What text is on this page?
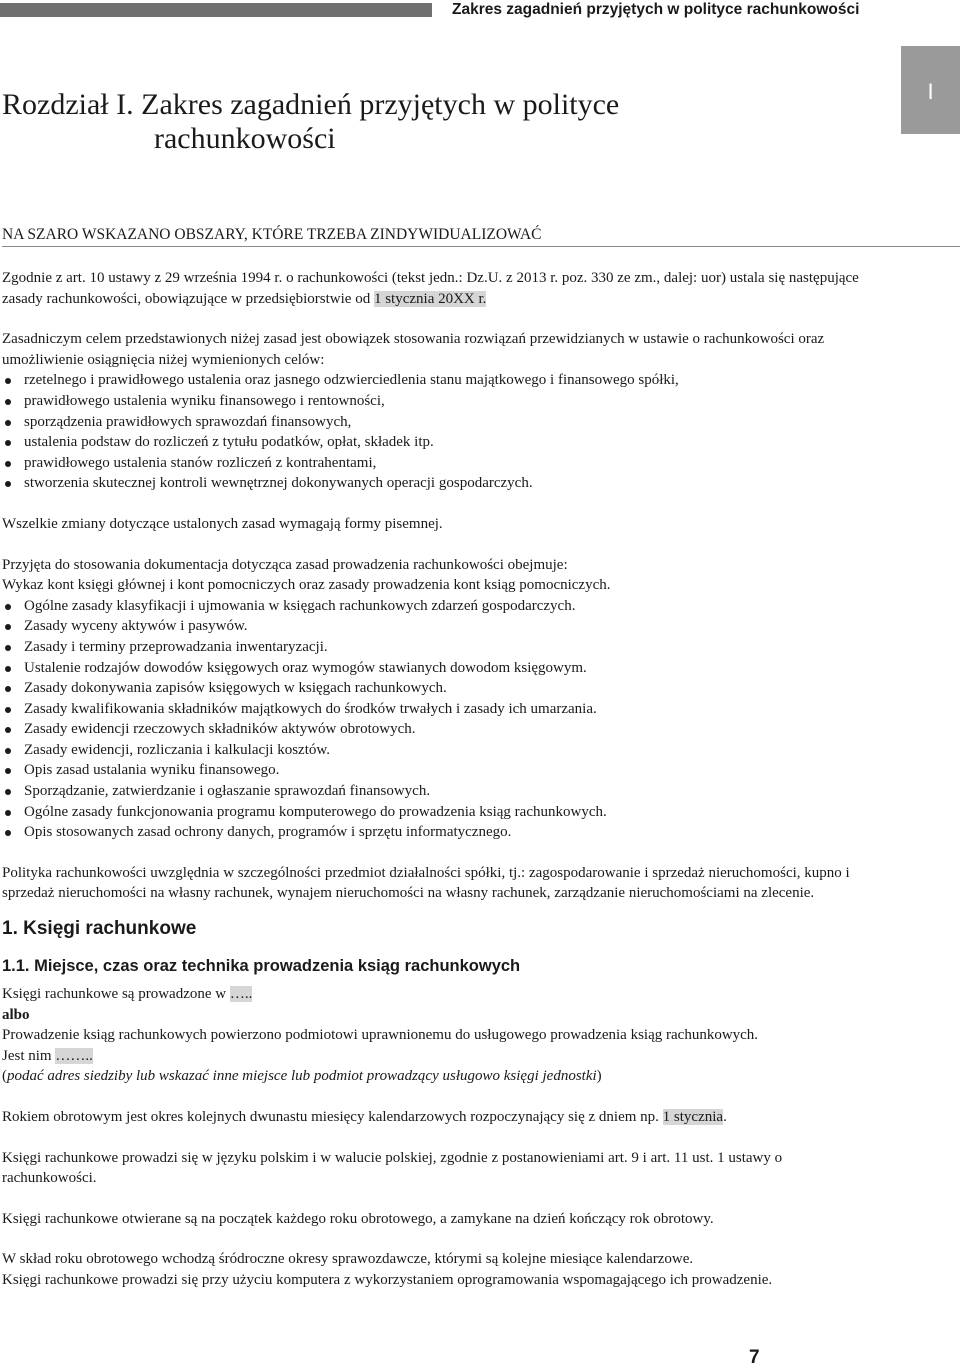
Zakres zagadnień przyjętych w polityce rachunkowości
I
Rozdział I. Zakres zagadnień przyjętych w polityce
rachunkowości
NA SZARO WSKAZANO OBSZARY, KTÓRE TRZEBA ZINDYWIDUALIZOWAĆ

Zgodnie z art. 10 ustawy z 29 września 1994 r. o rachunkowości (tekst jedn.: Dz.U. z 2013 r. poz. 330 ze zm., dalej: uor) ustala się następujące zasady rachunkowości, obowiązujące w przedsiębiorstwie od 1 stycznia 20XX r.

Zasadniczym celem przedstawionych niżej zasad jest obowiązek stosowania rozwiązań przewidzianych w ustawie o rachunkowości oraz umożliwienie osiągnięcia niżej wymienionych celów:

rzetelnego i prawidłowego ustalenia oraz jasnego odzwierciedlenia stanu majątkowego i finansowego spółki,
prawidłowego ustalenia wyniku finansowego i rentowności,
sporządzenia prawidłowych sprawozdań finansowych,
ustalenia podstaw do rozliczeń z tytułu podatków, opłat, składek itp.
prawidłowego ustalenia stanów rozliczeń z kontrahentami,
stworzenia skutecznej kontroli wewnętrznej dokonywanych operacji gospodarczych.

Wszelkie zmiany dotyczące ustalonych zasad wymagają formy pisemnej.

Przyjęta do stosowania dokumentacja dotycząca zasad prowadzenia rachunkowości obejmuje:

Wykaz kont księgi głównej i kont pomocniczych oraz zasady prowadzenia kont ksiąg pomocniczych.

Ogólne zasady klasyfikacji i ujmowania w księgach rachunkowych zdarzeń gospodarczych.
Zasady wyceny aktywów i pasywów.
Zasady i terminy przeprowadzania inwentaryzacji.
Ustalenie rodzajów dowodów księgowych oraz wymogów stawianych dowodom księgowym.
Zasady dokonywania zapisów księgowych w księgach rachunkowych.
Zasady kwalifikowania składników majątkowych do środków trwałych i zasady ich umarzania.
Zasady ewidencji rzeczowych składników aktywów obrotowych.
Zasady ewidencji, rozliczania i kalkulacji kosztów.
Opis zasad ustalania wyniku finansowego.
Sporządzanie, zatwierdzanie i ogłaszanie sprawozdań finansowych.
Ogólne zasady funkcjonowania programu komputerowego do prowadzenia ksiąg rachunkowych.
Opis stosowanych zasad ochrony danych, programów i sprzętu informatycznego.

Polityka rachunkowości uwzględnia w szczególności przedmiot działalności spółki, tj.: zagospodarowanie i sprzedaż nieruchomości, kupno i sprzedaż nieruchomości na własny rachunek, wynajem nieruchomości na własny rachunek, zarządzanie nieruchomościami na zlecenie.

1. Księgi rachunkowe
1.1. Miejsce, czas oraz technika prowadzenia ksiąg rachunkowych

Księgi rachunkowe są prowadzone w …..

albo

Prowadzenie ksiąg rachunkowych powierzono podmiotowi uprawnionemu do usługowego prowadzenia ksiąg rachunkowych.

Jest nim ……..

(podać adres siedziby lub wskazać inne miejsce lub podmiot prowadzący usługowo księgi jednostki)

Rokiem obrotowym jest okres kolejnych dwunastu miesięcy kalendarzowych rozpoczynający się z dniem np. 1 stycznia.

Księgi rachunkowe prowadzi się w języku polskim i w walucie polskiej, zgodnie z postanowieniami art. 9 i art. 11 ust. 1 ustawy o rachunkowości.

Księgi rachunkowe otwierane są na początek każdego roku obrotowego, a zamykane na dzień kończący rok obrotowy.

W skład roku obrotowego wchodzą śródroczne okresy sprawozdawcze, którymi są kolejne miesiące kalendarzowe.

Księgi rachunkowe prowadzi się przy użyciu komputera z wykorzystaniem oprogramowania wspomagającego ich prowadzenie.

7
